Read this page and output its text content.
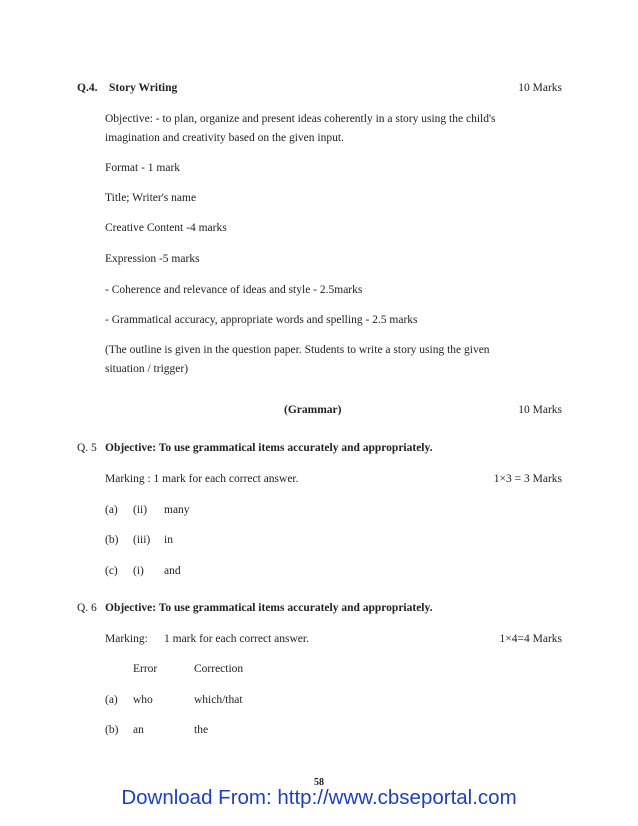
Q.4. Story Writing	10 Marks
Objective: - to plan, organize and present ideas coherently in a story using the child's
imagination and creativity based on the given input.
Format - 1 mark
Title; Writer's name
Creative Content -4 marks
Expression -5 marks
- Coherence and relevance of ideas and style - 2.5marks
- Grammatical accuracy, appropriate words and spelling - 2.5 marks
(The outline is given in the question paper. Students to write a story using the given
situation / trigger)
(Grammar)	10 Marks
Q. 5 Objective: To use grammatical items accurately and appropriately.
Marking : 1 mark for each correct answer.	1×3 = 3 Marks
(a) (ii) many
(b) (iii) in
(c) (i) and
Q. 6 Objective: To use grammatical items accurately and appropriately.
Marking: 1 mark for each correct answer.	1×4=4 Marks
Error	Correction
(a) who	which/that
(b) an	the
58
Download From: http://www.cbseportal.com
